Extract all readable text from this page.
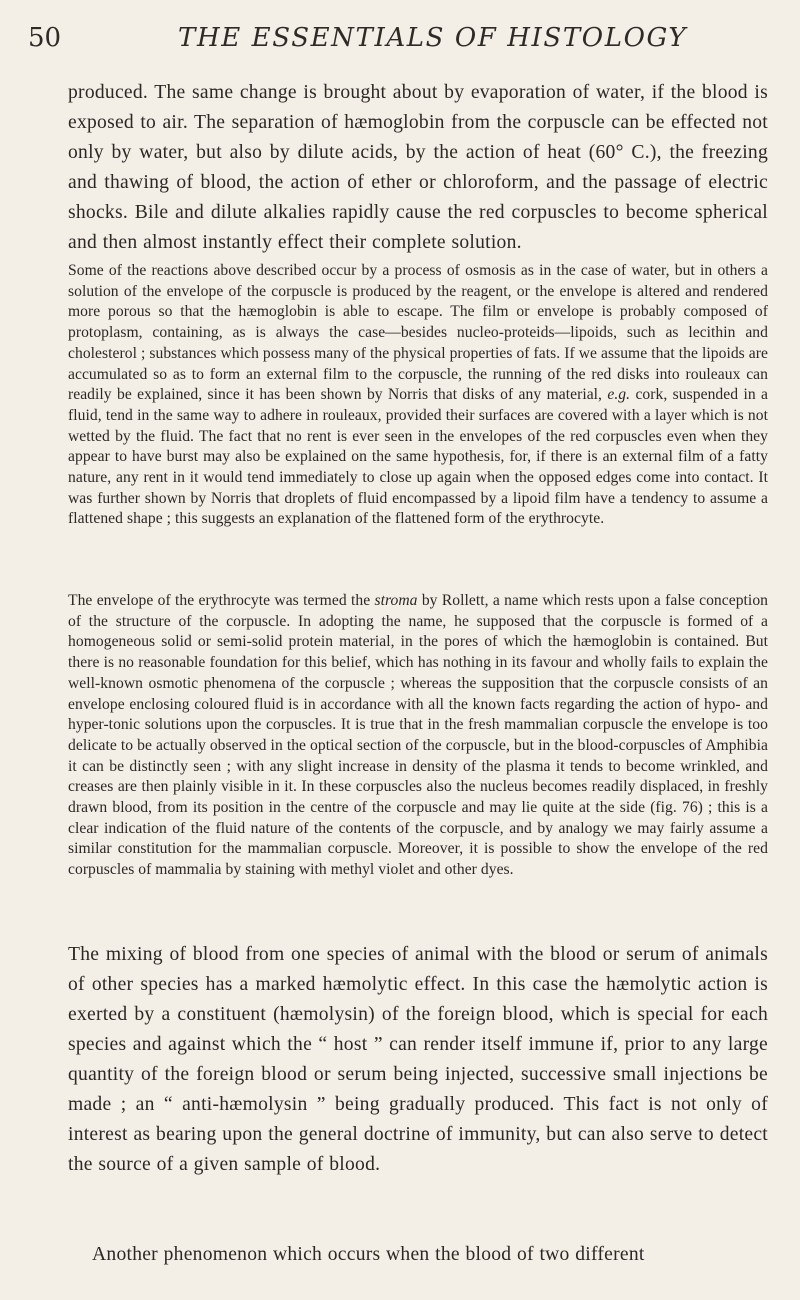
50	THE ESSENTIALS OF HISTOLOGY

produced. The same change is brought about by evaporation of water, if the blood is exposed to air. The separation of hæmoglobin from the corpuscle can be effected not only by water, but also by dilute acids, by the action of heat (60° C.), the freezing and thawing of blood, the action of ether or chloroform, and the passage of electric shocks. Bile and dilute alkalies rapidly cause the red corpuscles to become spherical and then almost instantly effect their complete solution.

Some of the reactions above described occur by a process of osmosis as in the case of water, but in others a solution of the envelope of the corpuscle is produced by the reagent, or the envelope is altered and rendered more porous so that the hæmoglobin is able to escape. The film or envelope is probably composed of protoplasm, containing, as is always the case—besides nucleo-proteids—lipoids, such as lecithin and cholesterol ; substances which possess many of the physical properties of fats. If we assume that the lipoids are accumulated so as to form an external film to the corpuscle, the running of the red disks into rouleaux can readily be explained, since it has been shown by Norris that disks of any material, e.g. cork, suspended in a fluid, tend in the same way to adhere in rouleaux, provided their surfaces are covered with a layer which is not wetted by the fluid. The fact that no rent is ever seen in the envelopes of the red corpuscles even when they appear to have burst may also be explained on the same hypothesis, for, if there is an external film of a fatty nature, any rent in it would tend immediately to close up again when the opposed edges come into contact. It was further shown by Norris that droplets of fluid encompassed by a lipoid film have a tendency to assume a flattened shape ; this suggests an explanation of the flattened form of the erythrocyte.

The envelope of the erythrocyte was termed the stroma by Rollett, a name which rests upon a false conception of the structure of the corpuscle. In adopting the name, he supposed that the corpuscle is formed of a homogeneous solid or semi-solid protein material, in the pores of which the hæmoglobin is contained. But there is no reasonable foundation for this belief, which has nothing in its favour and wholly fails to explain the well-known osmotic phenomena of the corpuscle ; whereas the supposition that the corpuscle consists of an envelope enclosing coloured fluid is in accordance with all the known facts regarding the action of hypo- and hyper-tonic solutions upon the corpuscles. It is true that in the fresh mammalian corpuscle the envelope is too delicate to be actually observed in the optical section of the corpuscle, but in the blood-corpuscles of Amphibia it can be distinctly seen ; with any slight increase in density of the plasma it tends to become wrinkled, and creases are then plainly visible in it. In these corpuscles also the nucleus becomes readily displaced, in freshly drawn blood, from its position in the centre of the corpuscle and may lie quite at the side (fig. 76) ; this is a clear indication of the fluid nature of the contents of the corpuscle, and by analogy we may fairly assume a similar constitution for the mammalian corpuscle. Moreover, it is possible to show the envelope of the red corpuscles of mammalia by staining with methyl violet and other dyes.

The mixing of blood from one species of animal with the blood or serum of animals of other species has a marked hæmolytic effect. In this case the hæmolytic action is exerted by a constituent (hæmolysin) of the foreign blood, which is special for each species and against which the “ host ” can render itself immune if, prior to any large quantity of the foreign blood or serum being injected, successive small injections be made ; an “ anti-hæmolysin ” being gradually produced. This fact is not only of interest as bearing upon the general doctrine of immunity, but can also serve to detect the source of a given sample of blood.

Another phenomenon which occurs when the blood of two different
